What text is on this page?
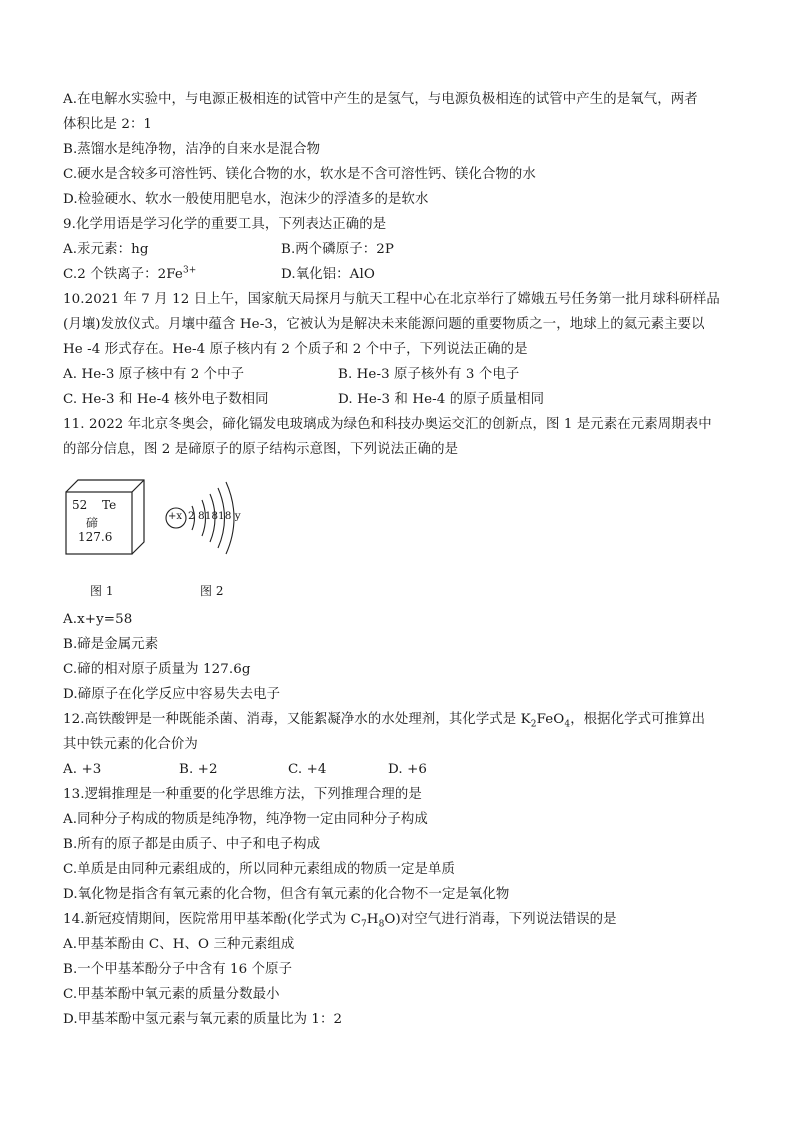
A.在电解水实验中，与电源正极相连的试管中产生的是氢气，与电源负极相连的试管中产生的是氧气，两者
体积比是 2：1
B.蒸馏水是纯净物，洁净的自来水是混合物
C.硬水是含较多可溶性钙、镁化合物的水，软水是不含可溶性钙、镁化合物的水
D.检验硬水、软水一般使用肥皂水，泡沫少的浮渣多的是软水
9.化学用语是学习化学的重要工具，下列表达正确的是
A.汞元素：hg	B.两个磷原子：2P
C.2 个铁离子：$2Fe^{3+}$	D.氧化铝：AlO
10.2021 年 7 月 12 日上午，国家航天局探月与航天工程中心在北京举行了嫦娥五号任务第一批月球科研样品
(月壤)发放仪式。月壤中蕴含 He-3，它被认为是解决未来能源问题的重要物质之一，地球上的氦元素主要以
He -4 形式存在。He-4 原子核内有 2 个质子和 2 个中子，下列说法正确的是
A. He-3 原子核中有 2 个中子	B. He-3 原子核外有 3 个电子
C. He-3 和 He-4 核外电子数相同	D. He-3 和 He-4 的原子质量相同
11. 2022 年北京冬奥会，碲化镉发电玻璃成为绿色和科技办奥运交汇的创新点，图 1 是元素在元素周期表中
的部分信息，图 2 是碲原子的原子结构示意图，下列说法正确的是
52 Te
碲
127.6
+x 2 81818 y
图 1	图 2
A.x+y=58
B.碲是金属元素
C.碲的相对原子质量为 127.6g
D.碲原子在化学反应中容易失去电子
12.高铁酸钾是一种既能杀菌、消毒，又能絮凝净水的水处理剂，其化学式是 $K_2FeO_4$，根据化学式可推算出
其中铁元素的化合价为
A. +3	B. +2	C. +4	D. +6
13.逻辑推理是一种重要的化学思维方法，下列推理合理的是
A.同种分子构成的物质是纯净物，纯净物一定由同种分子构成
B.所有的原子都是由质子、中子和电子构成
C.单质是由同种元素组成的，所以同种元素组成的物质一定是单质
D.氧化物是指含有氧元素的化合物，但含有氧元素的化合物不一定是氧化物
14.新冠疫情期间，医院常用甲基苯酚(化学式为 $C_7H_8O$)对空气进行消毒，下列说法错误的是
A.甲基苯酚由 C、H、O 三种元素组成
B.一个甲基苯酚分子中含有 16 个原子
C.甲基苯酚中氧元素的质量分数最小
D.甲基苯酚中氢元素与氧元素的质量比为 1：2
